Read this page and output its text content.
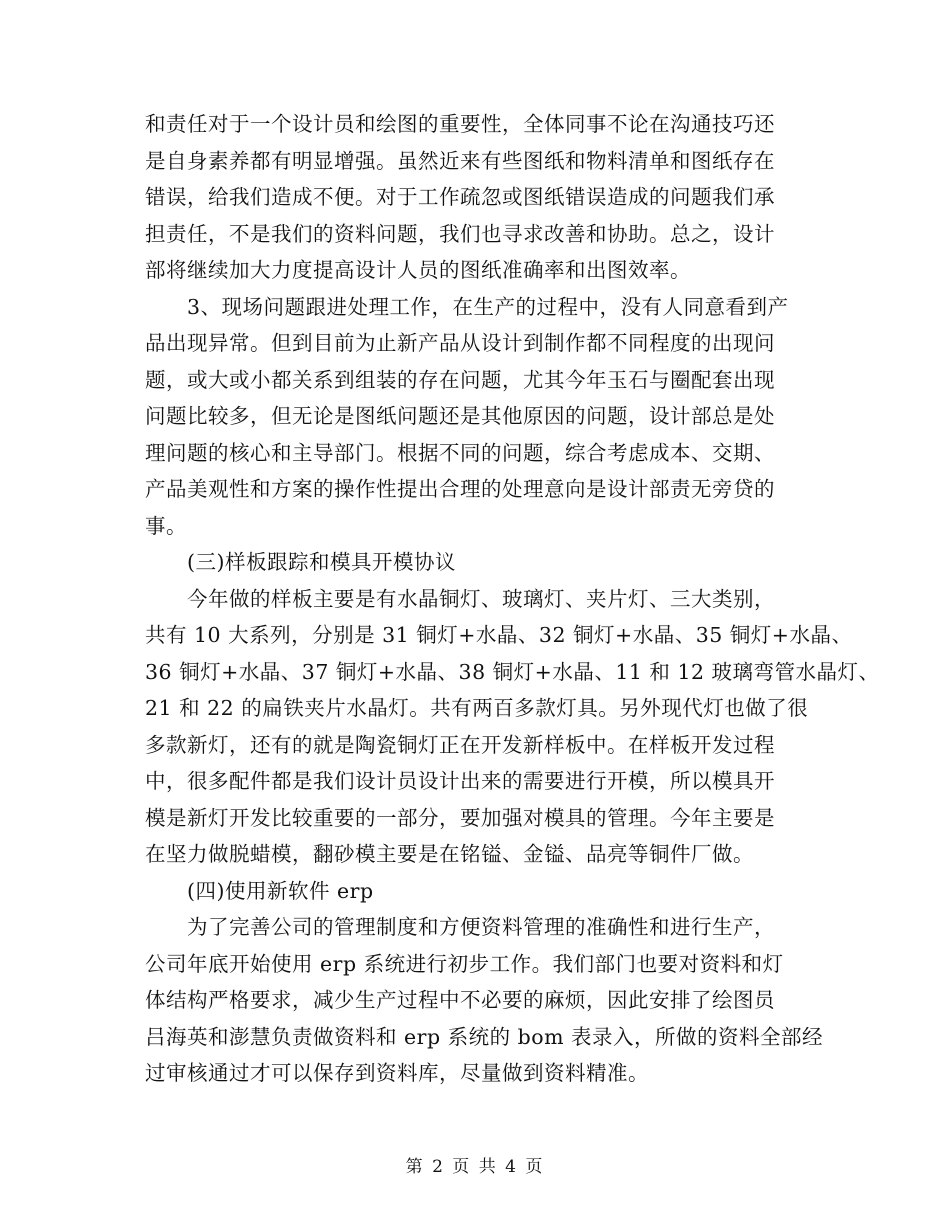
和责任对于一个设计员和绘图的重要性，全体同事不论在沟通技巧还
是自身素养都有明显增强。虽然近来有些图纸和物料清单和图纸存在
错误，给我们造成不便。对于工作疏忽或图纸错误造成的问题我们承
担责任，不是我们的资料问题，我们也寻求改善和协助。总之，设计
部将继续加大力度提高设计人员的图纸准确率和出图效率。
3、现场问题跟进处理工作，在生产的过程中，没有人同意看到产
品出现异常。但到目前为止新产品从设计到制作都不同程度的出现问
题，或大或小都关系到组装的存在问题，尤其今年玉石与圈配套出现
问题比较多，但无论是图纸问题还是其他原因的问题，设计部总是处
理问题的核心和主导部门。根据不同的问题，综合考虑成本、交期、
产品美观性和方案的操作性提出合理的处理意向是设计部责无旁贷的
事。
(三)样板跟踪和模具开模协议
今年做的样板主要是有水晶铜灯、玻璃灯、夹片灯、三大类别，
共有 10 大系列，分别是 31 铜灯+水晶、32 铜灯+水晶、35 铜灯+水晶、
36 铜灯+水晶、37 铜灯+水晶、38 铜灯+水晶、11 和 12 玻璃弯管水晶灯、
21 和 22 的扁铁夹片水晶灯。共有两百多款灯具。另外现代灯也做了很
多款新灯，还有的就是陶瓷铜灯正在开发新样板中。在样板开发过程
中，很多配件都是我们设计员设计出来的需要进行开模，所以模具开
模是新灯开发比较重要的一部分，要加强对模具的管理。今年主要是
在坚力做脱蜡模，翻砂模主要是在铭镒、金镒、品亮等铜件厂做。
(四)使用新软件 erp
为了完善公司的管理制度和方便资料管理的准确性和进行生产，
公司年底开始使用 erp 系统进行初步工作。我们部门也要对资料和灯
体结构严格要求，减少生产过程中不必要的麻烦，因此安排了绘图员
吕海英和澎慧负责做资料和 erp 系统的 bom 表录入，所做的资料全部经
过审核通过才可以保存到资料库，尽量做到资料精准。
第 2 页 共 4 页
